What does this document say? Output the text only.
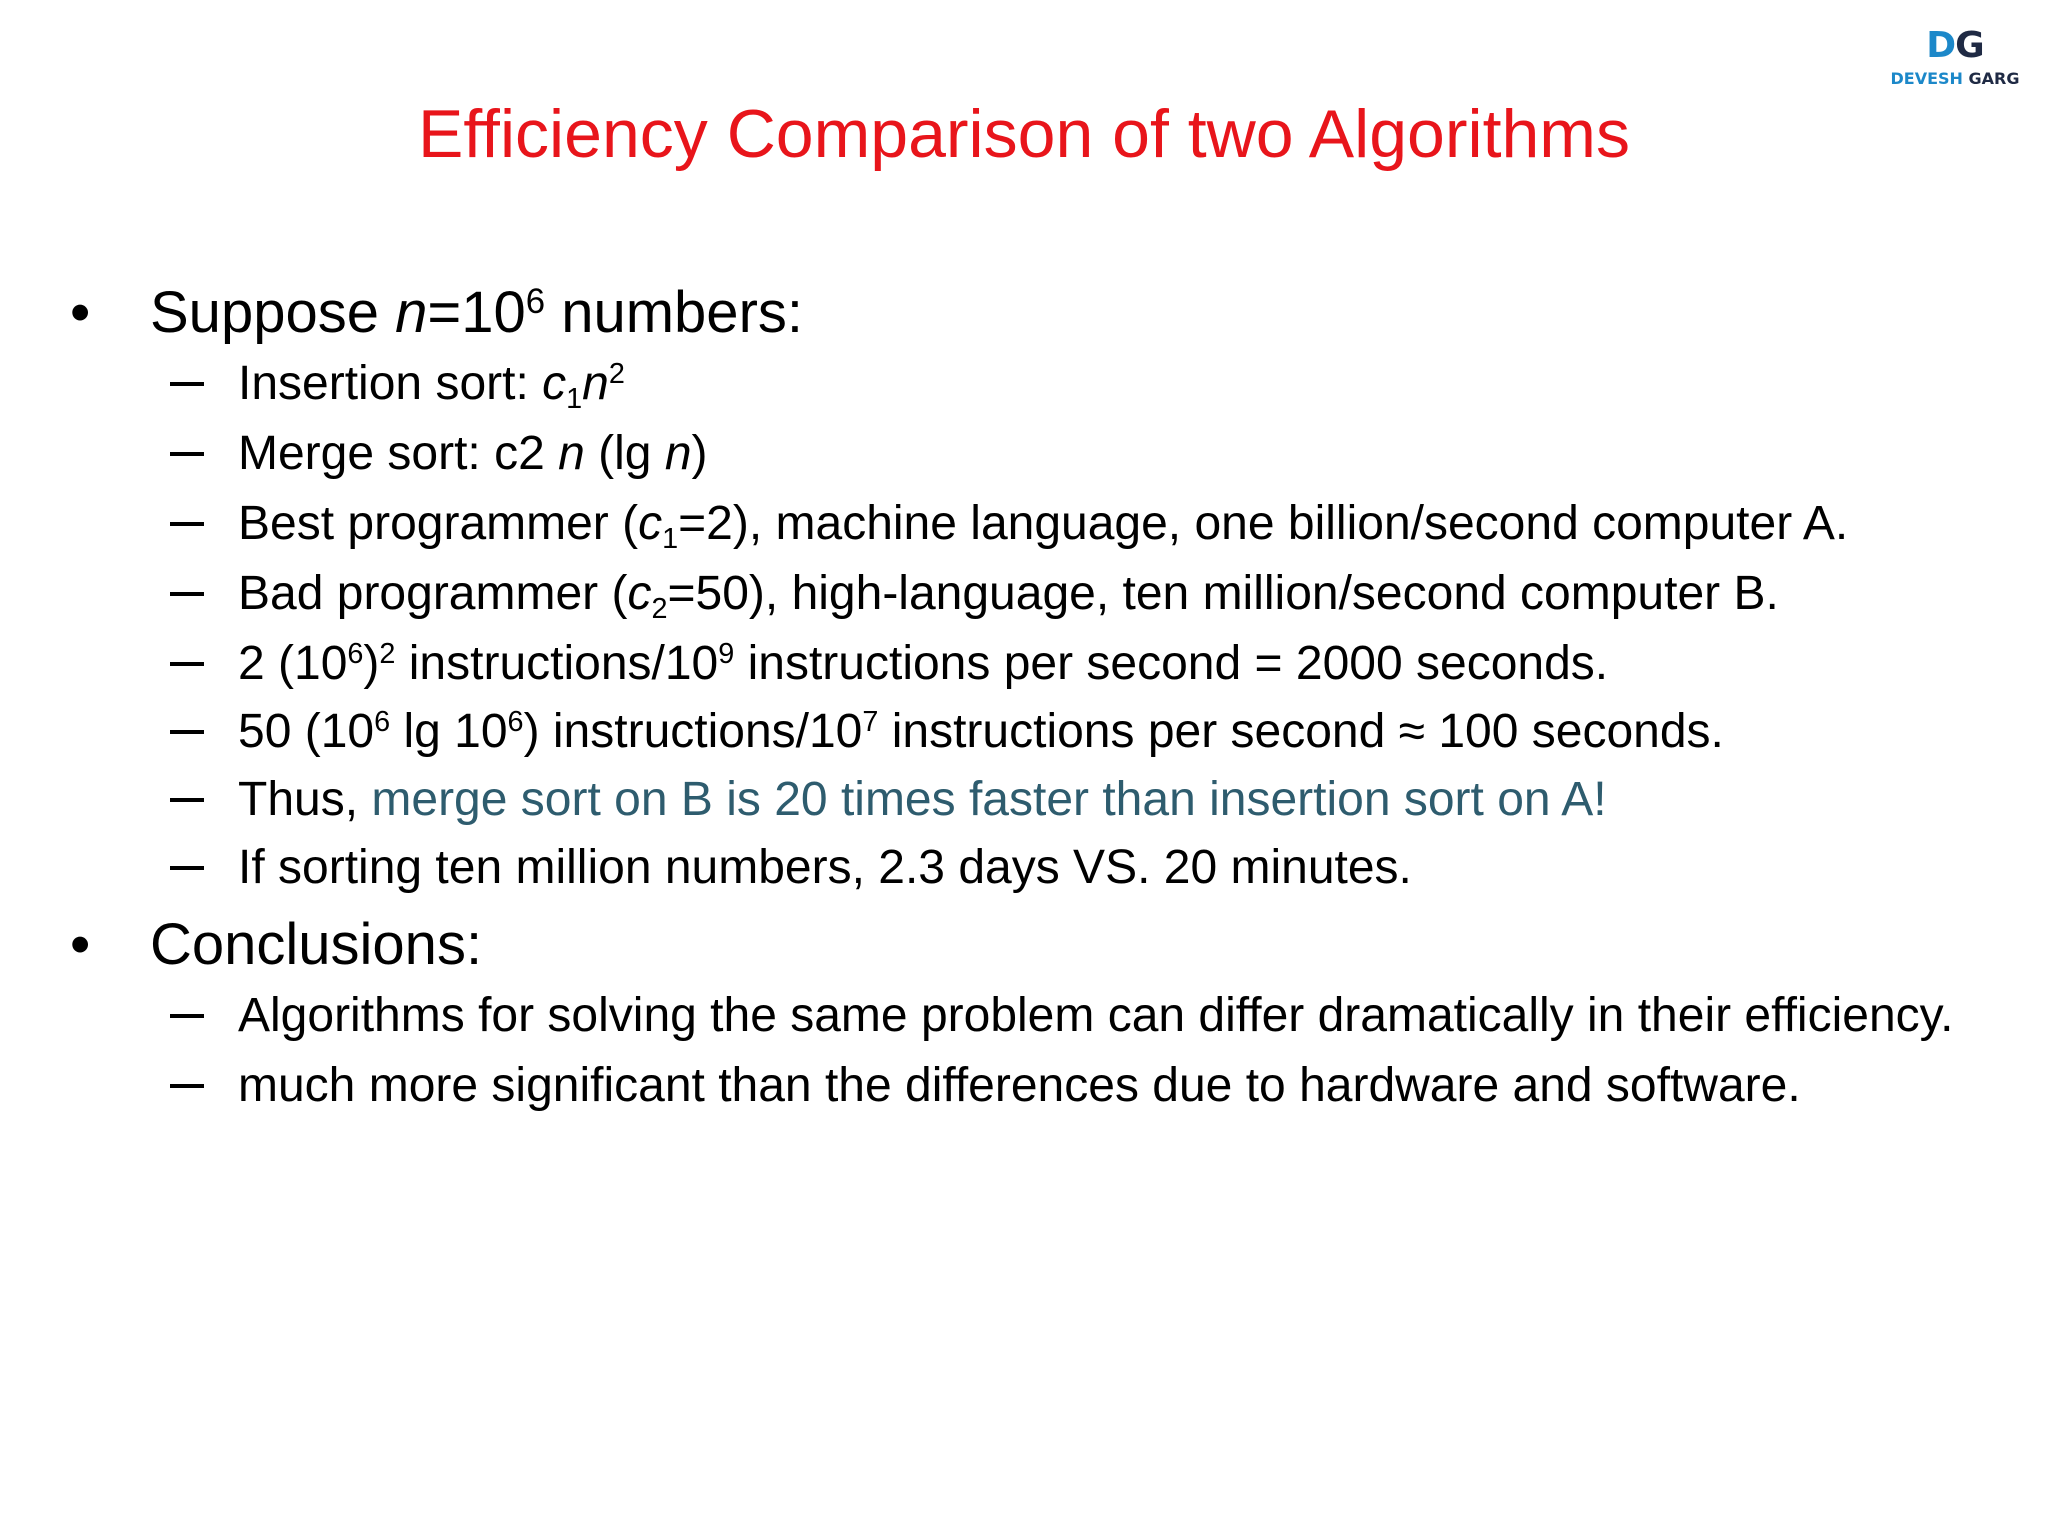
DG
DEVESH GARG
Efficiency Comparison of two Algorithms
•	Suppose $n=10^6$ numbers:
Insertion sort: $c_1n^2$
Merge sort: c2 n (lg n)
Best programmer $(c_1=2)$, machine language, one billion/second computer A.
Bad programmer $(c_2=50)$, high-language, ten million/second computer B.
2 $(10^6)^2$ instructions/$10^9$ instructions per second = 2000 seconds.
50 ($10^6$ $\lg 10^6$) instructions/$10^7$ instructions per second ≈ 100 seconds.
Thus, merge sort on B is 20 times faster than insertion sort on A!
If sorting ten million numbers, 2.3 days VS. 20 minutes.
•	Conclusions:
Algorithms for solving the same problem can differ dramatically in their efficiency.
much more significant than the differences due to hardware and software.
